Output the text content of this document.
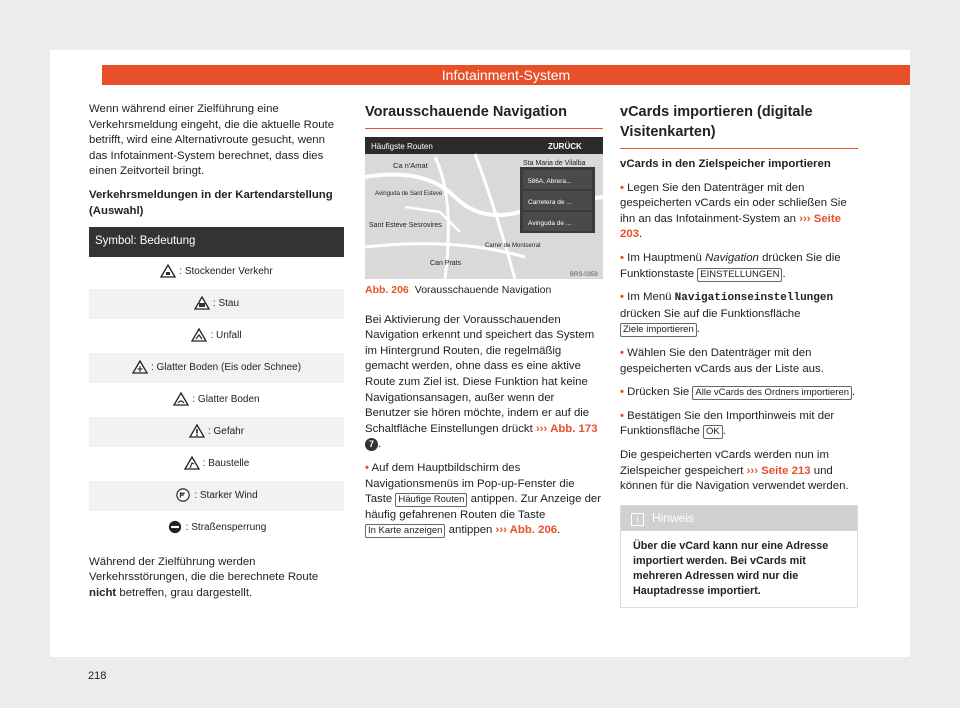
Infotainment-System

Wenn während einer Zielführung eine Verkehrsmeldung eingeht, die die aktuelle Route betrifft, wird eine Alternativroute gesucht, wenn das Infotainment-System berechnet, dass dies einen Zeitvorteil bringt.

Verkehrsmeldungen in der Kartendarstellung (Auswahl)

Symbol: Bedeutung
: Stockender Verkehr
: Stau
: Unfall
: Glatter Boden (Eis oder Schnee)
: Glatter Boden
: Gefahr
: Baustelle
: Starker Wind
: Straßensperrung

Während der Zielführung werden Verkehrsstörungen, die die berechnete Route nicht betreffen, grau dargestellt.

Vorausschauende Navigation
Häufigste Routen	ZURÜCK
Ca n'Amat	Sta Maria de Vilalba
Avinguda de Sant Esteve
Sant Esteve Sesrovires
Carrer de Montserrat
Can Prats
586A, Abrera...
Carretera de ...
Avinguda de ...
BRS-0359
Abb. 206 Vorausschauende Navigation

Bei Aktivierung der Vorausschauenden Navigation erkennt und speichert das System im Hintergrund Routen, die regelmäßig gemacht werden, ohne dass es eine aktive Route zum Ziel ist. Diese Funktion hat keine Navigationsansagen, außer wenn der Benutzer sie hören möchte, indem er auf die Schaltfläche Einstellungen drückt ››› Abb. 173 7 .

• Auf dem Hauptbildschirm des Navigationsmenüs im Pop-up-Fenster die Taste Häufige Routen antippen. Zur Anzeige der häufig gefahrenen Routen die Taste In Karte anzeigen antippen ››› Abb. 206.

vCards importieren (digitale Visitenkarten)

vCards in den Zielspeicher importieren

• Legen Sie den Datenträger mit den gespeicherten vCards ein oder schließen Sie ihn an das Infotainment-System an ››› Seite 203.

• Im Hauptmenü Navigation drücken Sie die Funktionstaste EINSTELLUNGEN .

• Im Menü Navigationseinstellungen drücken Sie auf die Funktionsfläche Ziele importieren .

• Wählen Sie den Datenträger mit den gespeicherten vCards aus der Liste aus.

• Drücken Sie Alle vCards des Ordners importieren .

• Bestätigen Sie den Importhinweis mit der Funktionsfläche OK .

Die gespeicherten vCards werden nun im Zielspeicher gespeichert ››› Seite 213 und können für die Navigation verwendet werden.

i Hinweis
Über die vCard kann nur eine Adresse importiert werden. Bei vCards mit mehreren Adressen wird nur die Hauptadresse importiert.
218
